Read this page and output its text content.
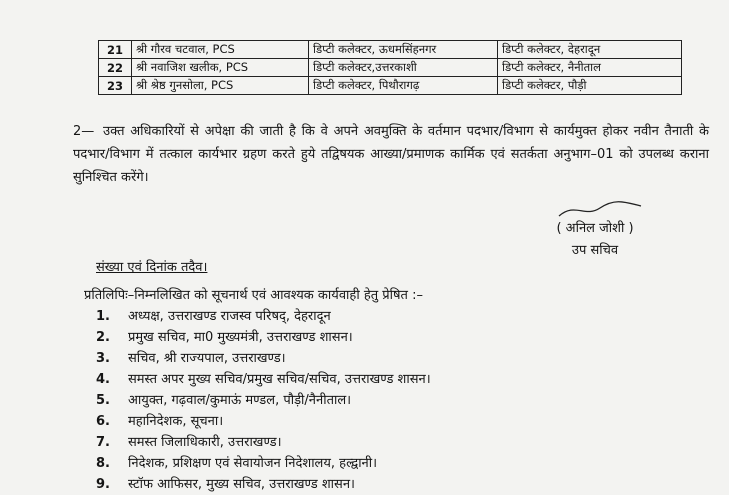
21	श्री गौरव चटवाल, PCS	डिप्टी कलेक्टर, ऊधमसिंहनगर	डिप्टी कलेक्टर, देहरादून
22	श्री नवाजिश खलीक, PCS	डिप्टी कलेक्टर,उत्तरकाशी	डिप्टी कलेक्टर, नैनीताल
23	श्री श्रेष्ठ गुनसोला, PCS	डिप्टी कलेक्टर, पिथौरागढ़	डिप्टी कलेक्टर, पौड़ी
2— उक्त अधिकारियों से अपेक्षा की जाती है कि वे अपने अवमुक्ति के वर्तमान पदभार/विभाग से कार्यमुक्त होकर नवीन तैनाती के पदभार/विभाग में तत्काल कार्यभार ग्रहण करते हुये तद्विषयक आख्या/प्रमाणक कार्मिक एवं सतर्कता अनुभाग–01 को उपलब्ध कराना सुनिश्चित करेंगे।
( अनिल जोशी )
उप सचिव
संख्या एवं दिनांक तदैव।
प्रतिलिपिः–निम्नलिखित को सूचनार्थ एवं आवश्यक कार्यवाही हेतु प्रेषित :–
1. अध्यक्ष, उत्तराखण्ड राजस्व परिषद्, देहरादून
2. प्रमुख सचिव, मा0 मुख्यमंत्री, उत्तराखण्ड शासन।
3. सचिव, श्री राज्यपाल, उत्तराखण्ड।
4. समस्त अपर मुख्य सचिव/प्रमुख सचिव/सचिव, उत्तराखण्ड शासन।
5. आयुक्त, गढ़वाल/कुमाऊं मण्डल, पौड़ी/नैनीताल।
6. महानिदेशक, सूचना।
7. समस्त जिलाधिकारी, उत्तराखण्ड।
8. निदेशक, प्रशिक्षण एवं सेवायोजन निदेशालय, हल्द्वानी।
9. स्टॉफ आफिसर, मुख्य सचिव, उत्तराखण्ड शासन।
